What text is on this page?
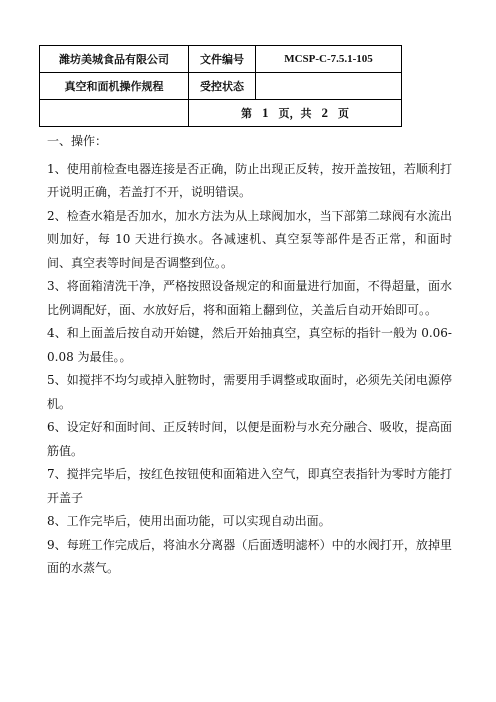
潍坊美城食品有限公司	文件编号	MCSP-C-7.5.1-105
真空和面机操作规程	受控状态	
	第 1 页，共 2 页	

一、操作：

1、使用前检查电器连接是否正确，防止出现正反转，按开盖按钮，若顺利打开说明正确，若盖打不开，说明错误。

2、检查水箱是否加水，加水方法为从上球阀加水，当下部第二球阀有水流出则加好，每 10 天进行换水。各减速机、真空泵等部件是否正常，和面时间、真空表等时间是否调整到位。。

3、将面箱清洗干净，严格按照设备规定的和面量进行加面，不得超量，面水比例调配好，面、水放好后，将和面箱上翻到位，关盖后自动开始即可。。

4、和上面盖后按自动开始键，然后开始抽真空，真空标的指针一般为 0.06-0.08 为最佳。。

5、如搅拌不均匀或掉入脏物时，需要用手调整或取面时，必须先关闭电源停机。

6、设定好和面时间、正反转时间，以便是面粉与水充分融合、吸收，提高面筋值。

7、搅拌完毕后，按红色按钮使和面箱进入空气，即真空表指针为零时方能打开盖子

8、工作完毕后，使用出面功能，可以实现自动出面。

9、每班工作完成后，将油水分离器（后面透明滤杯）中的水阀打开，放掉里面的水蒸气。
